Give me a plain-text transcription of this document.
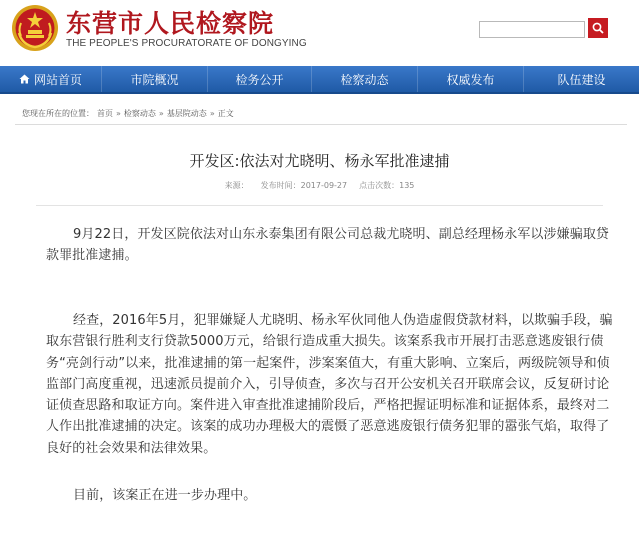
东营市人民检察院
THE PEOPLE'S PROCURATORATE OF DONGYING
网站首页	市院概况	检务公开	检察动态	权威发布	队伍建设
您现在所在的位置： 首页 » 检察动态 » 基层院动态 » 正文
开发区:依法对尤晓明、杨永军批准逮捕
来源： 发布时间：2017-09-27 点击次数：135

9月22日，开发区院依法对山东永泰集团有限公司总裁尤晓明、副总经理杨永军以涉嫌骗取贷款罪批准逮捕。

经查，2016年5月，犯罪嫌疑人尤晓明、杨永军伙同他人伪造虚假贷款材料，以欺骗手段，骗取东营银行胜利支行贷款5000万元，给银行造成重大损失。该案系我市开展打击恶意逃废银行债务“亮剑行动”以来，批准逮捕的第一起案件，涉案案值大，有重大影响、立案后，两级院领导和侦监部门高度重视，迅速派员提前介入，引导侦查，多次与召开公安机关召开联席会议，反复研讨论证侦查思路和取证方向。案件进入审查批准逮捕阶段后，严格把握证明标准和证据体系，最终对二人作出批准逮捕的决定。该案的成功办理极大的震慑了恶意逃废银行债务犯罪的嚣张气焰，取得了良好的社会效果和法律效果。

目前，该案正在进一步办理中。
